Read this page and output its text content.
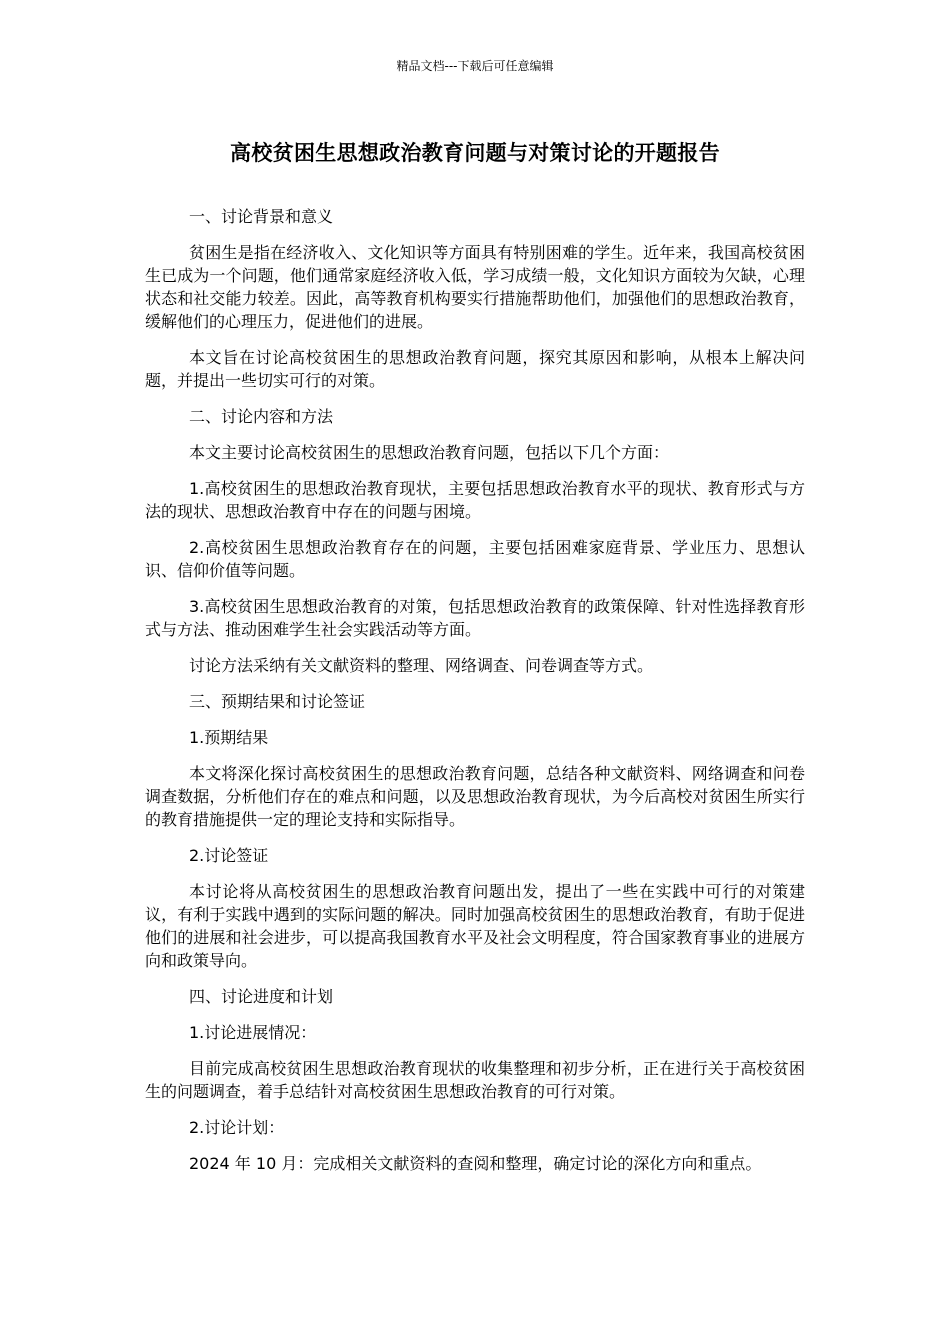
精品文档---下载后可任意编辑
高校贫困生思想政治教育问题与对策讨论的开题报告

一、讨论背景和意义

贫困生是指在经济收入、文化知识等方面具有特别困难的学生。近年来，我国高校贫困生已成为一个问题，他们通常家庭经济收入低，学习成绩一般，文化知识方面较为欠缺，心理状态和社交能力较差。因此，高等教育机构要实行措施帮助他们，加强他们的思想政治教育，缓解他们的心理压力，促进他们的进展。

本文旨在讨论高校贫困生的思想政治教育问题，探究其原因和影响，从根本上解决问题，并提出一些切实可行的对策。

二、讨论内容和方法

本文主要讨论高校贫困生的思想政治教育问题，包括以下几个方面：

1.高校贫困生的思想政治教育现状，主要包括思想政治教育水平的现状、教育形式与方法的现状、思想政治教育中存在的问题与困境。

2.高校贫困生思想政治教育存在的问题，主要包括困难家庭背景、学业压力、思想认识、信仰价值等问题。

3.高校贫困生思想政治教育的对策，包括思想政治教育的政策保障、针对性选择教育形式与方法、推动困难学生社会实践活动等方面。

讨论方法采纳有关文献资料的整理、网络调查、问卷调查等方式。

三、预期结果和讨论签证

1.预期结果

本文将深化探讨高校贫困生的思想政治教育问题，总结各种文献资料、网络调查和问卷调查数据，分析他们存在的难点和问题，以及思想政治教育现状，为今后高校对贫困生所实行的教育措施提供一定的理论支持和实际指导。

2.讨论签证

本讨论将从高校贫困生的思想政治教育问题出发，提出了一些在实践中可行的对策建议，有利于实践中遇到的实际问题的解决。同时加强高校贫困生的思想政治教育，有助于促进他们的进展和社会进步，可以提高我国教育水平及社会文明程度，符合国家教育事业的进展方向和政策导向。

四、讨论进度和计划

1.讨论进展情况：

目前完成高校贫困生思想政治教育现状的收集整理和初步分析，正在进行关于高校贫困生的问题调查，着手总结针对高校贫困生思想政治教育的可行对策。

2.讨论计划：

2024 年 10 月：完成相关文献资料的查阅和整理，确定讨论的深化方向和重点。
